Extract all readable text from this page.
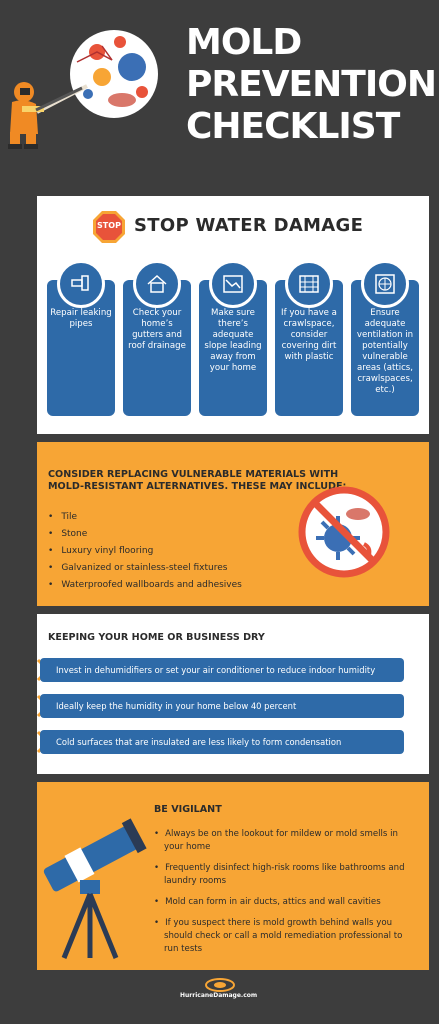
MOLD
PREVENTION
CHECKLIST
STOP STOP WATER DAMAGE
Repair leaking pipes
Check your home’s gutters and roof drainage
Make sure there’s adequate slope leading away from your home
If you have a crawlspace, consider covering dirt with plastic
Ensure adequate ventilation in potentially vulnerable areas (attics, crawlspaces, etc.)
CONSIDER REPLACING VULNERABLE MATERIALS WITH MOLD-RESISTANT ALTERNATIVES. THESE MAY INCLUDE:
• Tile
• Stone
• Luxury vinyl flooring
• Galvanized or stainless-steel fixtures
• Waterproofed wallboards and adhesives
KEEPING YOUR HOME OR BUSINESS DRY
Invest in dehumidifiers or set your air conditioner to reduce indoor humidity
Ideally keep the humidity in your home below 40 percent
Cold surfaces that are insulated are less likely to form condensation
BE VIGILANT
• Always be on the lookout for mildew or mold smells in your home
• Frequently disinfect high-risk rooms like bathrooms and laundry rooms
• Mold can form in air ducts, attics and wall cavities
• If you suspect there is mold growth behind walls you should check or call a mold remediation professional to run tests
HurricaneDamage.com
